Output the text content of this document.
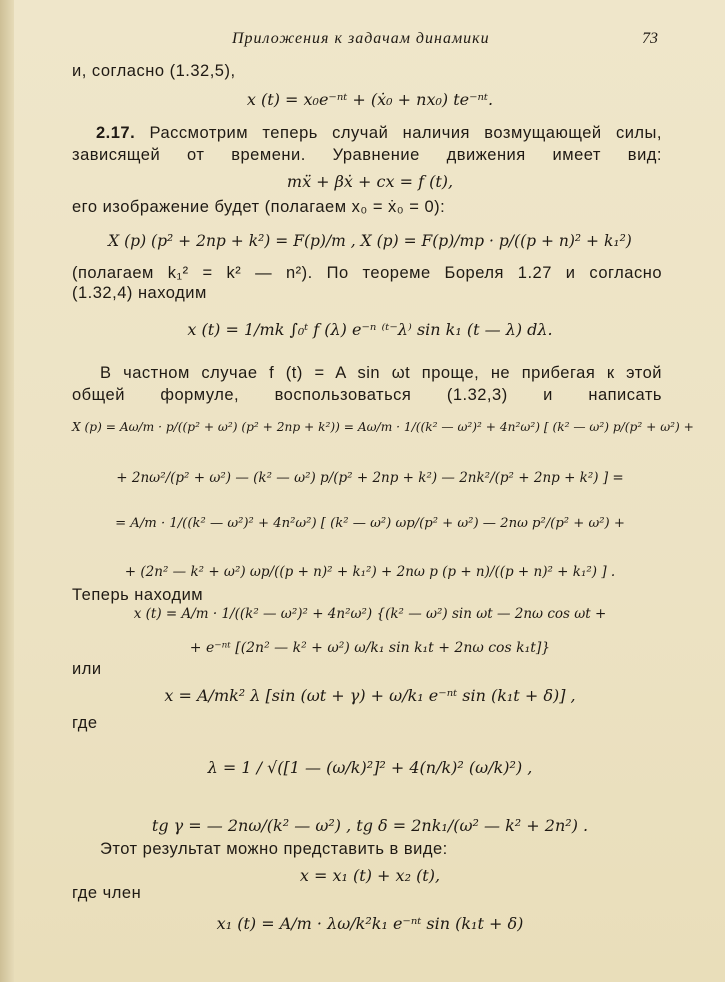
Приложения к задачам динамики	73
и, согласно (1.32,5),
x (t) = x₀e⁻ⁿᵗ + (ẋ₀ + nx₀) te⁻ⁿᵗ.
2.17. Рассмотрим теперь случай наличия возмущающей силы,
зависящей от времени. Уравнение движения имеет вид:
mẍ + βẋ + cx = f (t),
его изображение будет (полагаем x₀ = ẋ₀ = 0):
X (p) (p² + 2np + k²) = F(p)/m , X (p) = F(p)/mp · p/((p + n)² + k₁²)
(полагаем k₁² = k² — n²). По теореме Бореля 1.27 и согласно
(1.32,4) находим
x (t) = 1/mk ∫₀ᵗ f (λ) e⁻ⁿ ⁽ᵗ⁻λ⁾ sin k₁ (t — λ) dλ.
В частном случае f (t) = A sin ωt проще, не прибегая к этой
общей формуле, воспользоваться (1.32,3) и написать
X (p) = Aω/m · p/((p² + ω²) (p² + 2np + k²)) = Aω/m · 1/((k² — ω²)² + 4n²ω²) [ (k² — ω²) p/(p² + ω²) +
+ 2nω²/(p² + ω²) — (k² — ω²) p/(p² + 2np + k²) — 2nk²/(p² + 2np + k²) ] =
= A/m · 1/((k² — ω²)² + 4n²ω²) [ (k² — ω²) ωp/(p² + ω²) — 2nω p²/(p² + ω²) +
+ (2n² — k² + ω²) ωp/((p + n)² + k₁²) + 2nω p (p + n)/((p + n)² + k₁²) ] .
Теперь находим
x (t) = A/m · 1/((k² — ω²)² + 4n²ω²) {(k² — ω²) sin ωt — 2nω cos ωt +
+ e⁻ⁿᵗ [(2n² — k² + ω²) ω/k₁ sin k₁t + 2nω cos k₁t]}
или
x = A/mk² λ [sin (ωt + γ) + ω/k₁ e⁻ⁿᵗ sin (k₁t + δ)] ,
где
λ = 1 / √([1 — (ω/k)²]² + 4(n/k)² (ω/k)²) ,
tg γ = — 2nω/(k² — ω²) , tg δ = 2nk₁/(ω² — k² + 2n²) .
Этот результат можно представить в виде:
x = x₁ (t) + x₂ (t),
где член
x₁ (t) = A/m · λω/k²k₁ e⁻ⁿᵗ sin (k₁t + δ)
